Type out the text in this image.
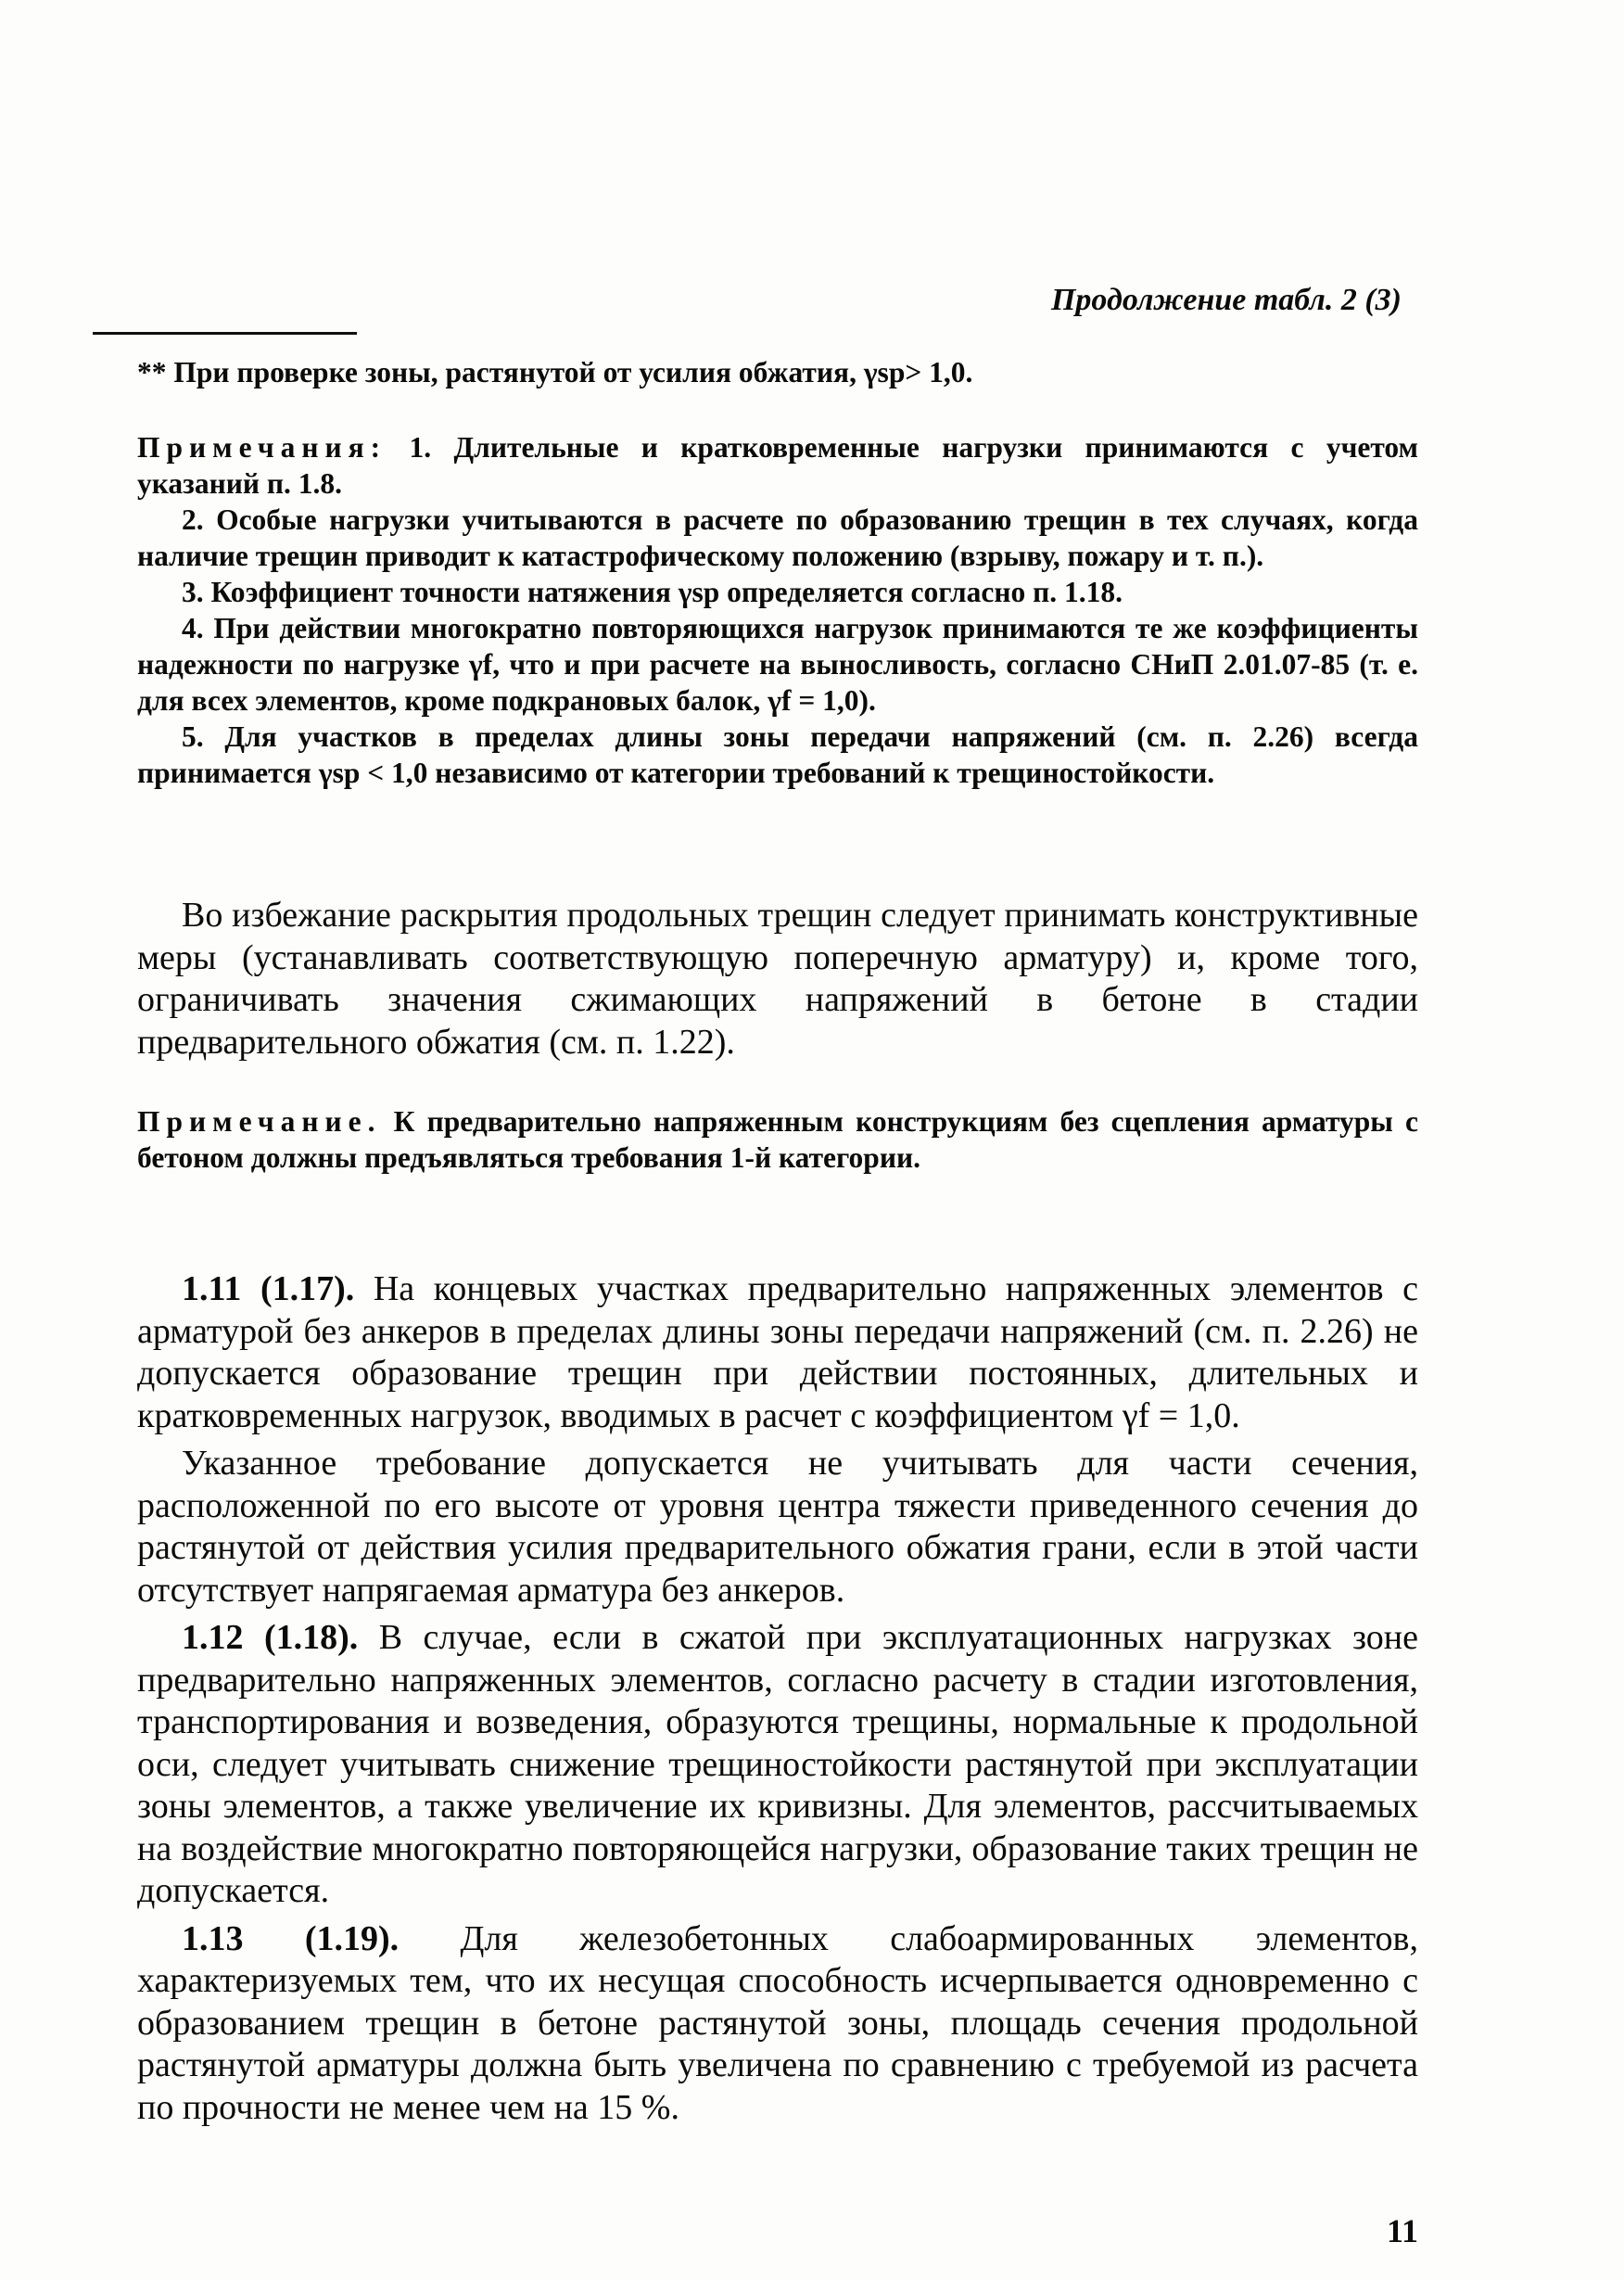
Продолжение табл. 2 (3)
** При проверке зоны, растянутой от усилия обжатия, γsp> 1,0.

Примечания: 1. Длительные и кратковременные нагрузки принимаются с учетом указаний п. 1.8.

2. Особые нагрузки учитываются в расчете по образованию трещин в тех случаях, когда наличие трещин приводит к катастрофическому положению (взрыву, пожару и т. п.).

3. Коэффициент точности натяжения γsp определяется согласно п. 1.18.

4. При действии многократно повторяющихся нагрузок принимаются те же коэффициенты надежности по нагрузке γf, что и при расчете на выносливость, согласно СНиП 2.01.07-85 (т. е. для всех элементов, кроме подкрановых балок, γf = 1,0).

5. Для участков в пределах длины зоны передачи напряжений (см. п. 2.26) всегда принимается γsp < 1,0 независимо от категории требований к трещиностойкости.

Во избежание раскрытия продольных трещин следует принимать конструктивные меры (устанавливать соответствующую поперечную арматуру) и, кроме того, ограничивать значения сжимающих напряжений в бетоне в стадии предварительного обжатия (см. п. 1.22).

Примечание. К предварительно напряженным конструкциям без сцепления арматуры с бетоном должны предъявляться требования 1-й категории.

1.11 (1.17). На концевых участках предварительно напряженных элементов с арматурой без анкеров в пределах длины зоны передачи напряжений (см. п. 2.26) не допускается образование трещин при действии постоянных, длительных и кратковременных нагрузок, вводимых в расчет с коэффициентом γf = 1,0.

Указанное требование допускается не учитывать для части сечения, расположенной по его высоте от уровня центра тяжести приведенного сечения до растянутой от действия усилия предварительного обжатия грани, если в этой части отсутствует напрягаемая арматура без анкеров.

1.12 (1.18). В случае, если в сжатой при эксплуатационных нагрузках зоне предварительно напряженных элементов, согласно расчету в стадии изготовления, транспортирования и возведения, образуются трещины, нормальные к продольной оси, следует учитывать снижение трещиностойкости растянутой при эксплуатации зоны элементов, а также увеличение их кривизны. Для элементов, рассчитываемых на воздействие многократно повторяющейся нагрузки, образование таких трещин не допускается.

1.13 (1.19). Для железобетонных слабоармированных элементов, характеризуемых тем, что их несущая способность исчерпывается одновременно с образованием трещин в бетоне растянутой зоны, площадь сечения продольной растянутой арматуры должна быть увеличена по сравнению с требуемой из расчета по прочности не менее чем на 15 %.

11
